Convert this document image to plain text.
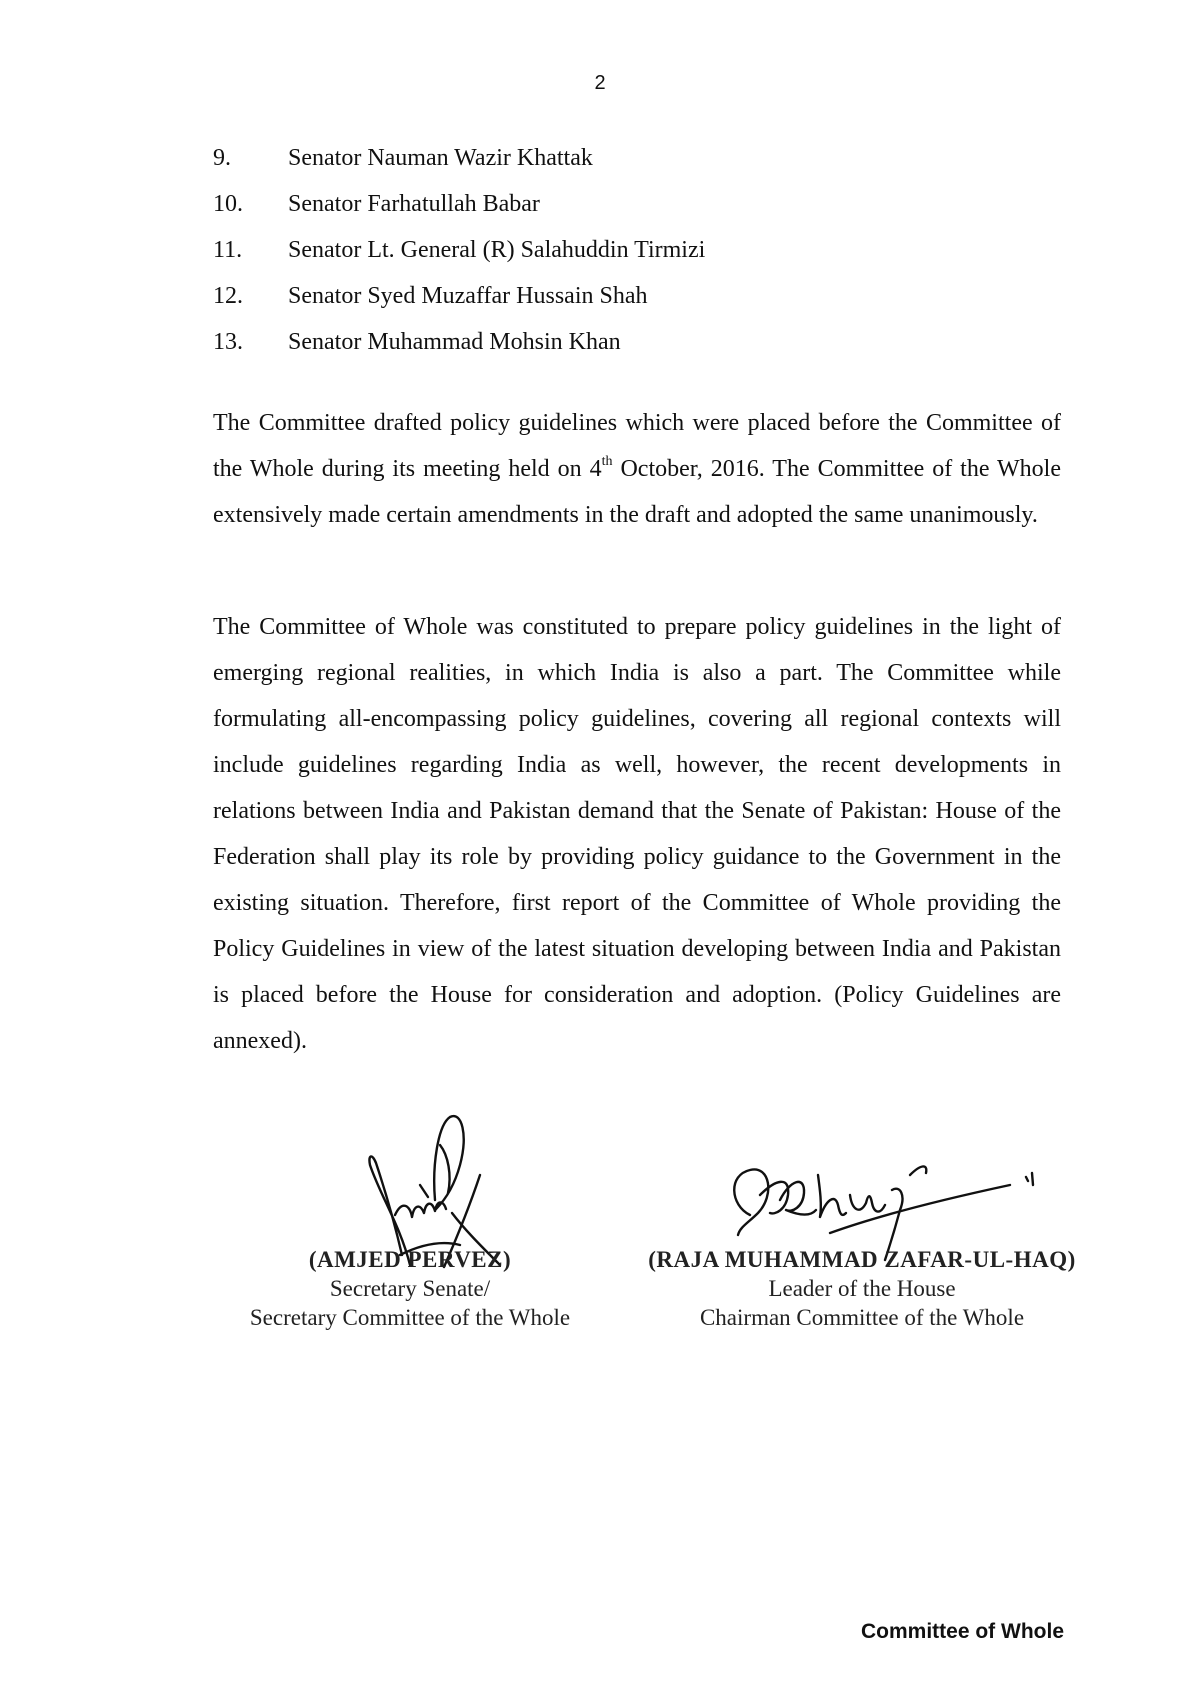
2
9. Senator Nauman Wazir Khattak
10. Senator Farhatullah Babar
11. Senator Lt. General (R) Salahuddin Tirmizi
12. Senator Syed Muzaffar Hussain Shah
13. Senator Muhammad Mohsin Khan

The Committee drafted policy guidelines which were placed before the Committee of the Whole during its meeting held on 4th October, 2016. The Committee of the Whole extensively made certain amendments in the draft and adopted the same unanimously.

The Committee of Whole was constituted to prepare policy guidelines in the light of emerging regional realities, in which India is also a part. The Committee while formulating all-encompassing policy guidelines, covering all regional contexts will include guidelines regarding India as well, however, the recent developments in relations between India and Pakistan demand that the Senate of Pakistan: House of the Federation shall play its role by providing policy guidance to the Government in the existing situation. Therefore, first report of the Committee of Whole providing the Policy Guidelines in view of the latest situation developing between India and Pakistan is placed before the House for consideration and adoption. (Policy Guidelines are annexed).

(AMJED PERVEZ)
Secretary Senate/
Secretary Committee of the Whole
(RAJA MUHAMMAD ZAFAR-UL-HAQ)
Leader of the House
Chairman Committee of the Whole
Committee of Whole
